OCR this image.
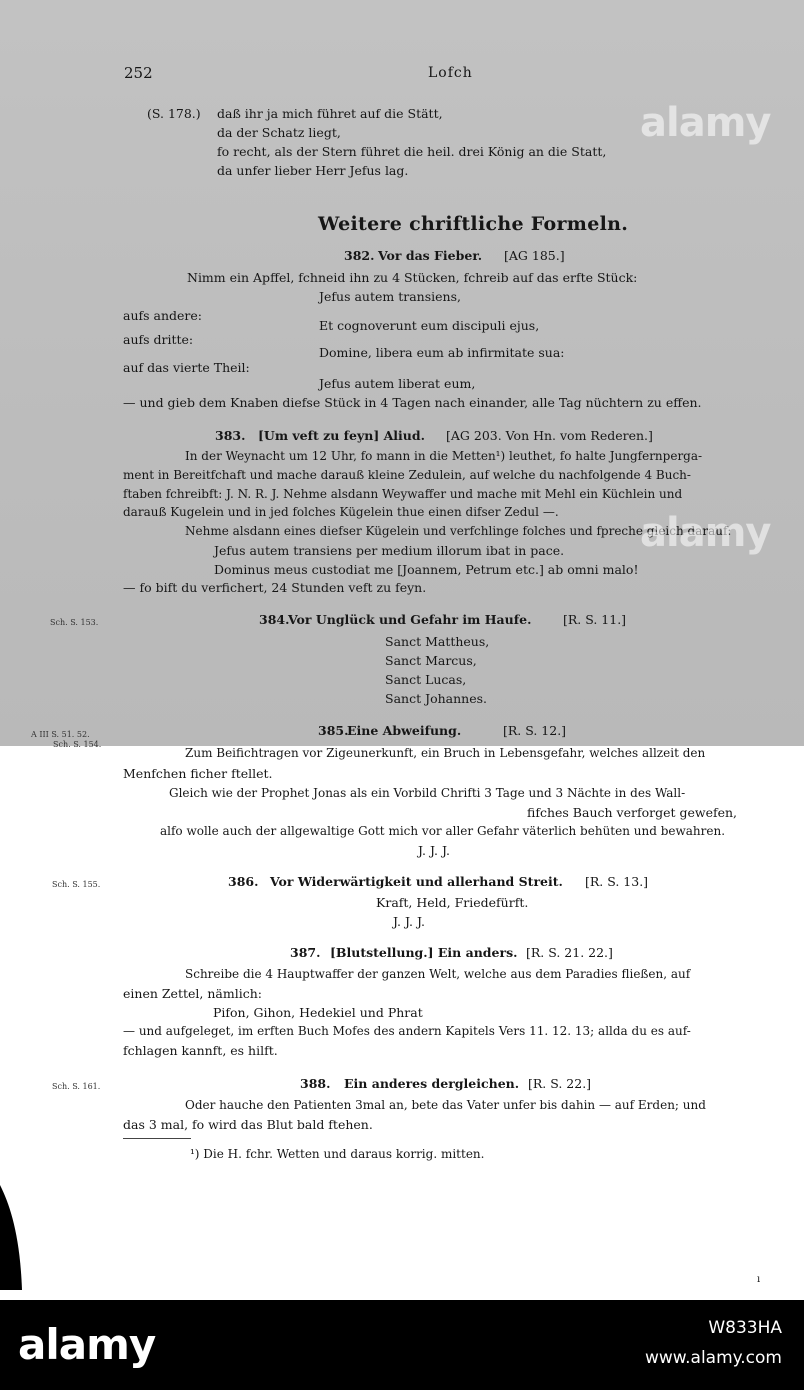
252	Lofch
(S. 178.) daß ihr ja mich führet auf die Stätt,
da der Schatz liegt,
fo recht, als der Stern führet die heil. drei König an die Statt,
da unfer lieber Herr Jefus lag.
Weitere chriftliche Formeln.
382. Vor das Fieber. [AG 185.]
Nimm ein Apffel, fchneid ihn zu 4 Stücken, fchreib auf das erfte Stück:
Jefus autem transiens,
aufs andere:
Et cognoverunt eum discipuli ejus,
aufs dritte:
Domine, libera eum ab infirmitate sua:
auf das vierte Theil:
Jefus autem liberat eum,
— und gieb dem Knaben diefse Stück in 4 Tagen nach einander, alle Tag nüchtern zu effen.
383. [Um veft zu feyn] Aliud. [AG 203. Von Hn. vom Rederen.]
In der Weynacht um 12 Uhr, fo mann in die Metten¹) leuthet, fo halte Jungfernperga-
ment in Bereitfchaft und mache darauß kleine Zedulein, auf welche du nachfolgende 4 Buch-
ftaben fchreibft: J. N. R. J. Nehme alsdann Weywaffer und mache mit Mehl ein Küchlein und
darauß Kugelein und in jed folches Kügelein thue einen difser Zedul —.
Nehme alsdann eines diefser Kügelein und verfchlinge folches und fpreche gleich darauf:
Jefus autem transiens per medium illorum ibat in pace.
Dominus meus custodiat me [Joannem, Petrum etc.] ab omni malo!
— fo bift du verfichert, 24 Stunden veft zu feyn.
Sch. S. 153.	384.
Vor Unglück und Gefahr im Haufe.	[R. S. 11.]
Sanct Mattheus,
Sanct Marcus,
Sanct Lucas,
Sanct Johannes.
A III S. 51. 52.
Sch. S. 154.
385.
Eine Abweifung.	[R. S. 12.]
Zum Beifichtragen vor Zigeunerkunft, ein Bruch in Lebensgefahr, welches allzeit den
Menfchen ficher ftellet.
Gleich wie der Prophet Jonas als ein Vorbild Chrifti 3 Tage und 3 Nächte in des Wall-
fifches Bauch verforget gewefen,
alfo wolle auch der allgewaltige Gott mich vor aller Gefahr väterlich behüten und bewahren.
J. J. J.
Sch. S. 155.	386. Vor Widerwärtigkeit und allerhand Streit. [R. S. 13.]
Kraft, Held, Friedefürft.
J. J. J.
387. [Blutstellung.] Ein anders. [R. S. 21. 22.]
Schreibe die 4 Hauptwaffer der ganzen Welt, welche aus dem Paradies fließen, auf
einen Zettel, nämlich:
Pifon, Gihon, Hedekiel und Phrat
— und aufgeleget, im erften Buch Mofes des andern Kapitels Vers 11. 12. 13; allda du es auf-
fchlagen kannft, es hilft.
Sch. S. 161.	388. Ein anderes dergleichen. [R. S. 22.]
Oder hauche den Patienten 3mal an, bete das Vater unfer bis dahin — auf Erden; und
das 3 mal, fo wird das Blut bald ftehen.
¹) Die H. fchr. Wetten und daraus korrig. mitten.
alamy
alamy
ı
alamy	W833HA
www.alamy.com
